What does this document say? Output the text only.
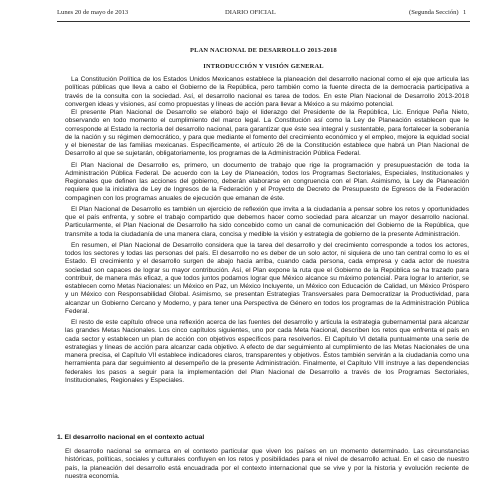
Lunes 20 de mayo de 2013	DIARIO OFICIAL	(Segunda Sección) 1
PLAN NACIONAL DE DESARROLLO 2013-2018
INTRODUCCIÓN Y VISIÓN GENERAL

La Constitución Política de los Estados Unidos Mexicanos establece la planeación del desarrollo nacional como el eje que articula las políticas públicas que lleva a cabo el Gobierno de la República, pero también como la fuente directa de la democracia participativa a través de la consulta con la sociedad. Así, el desarrollo nacional es tarea de todos. En este Plan Nacional de Desarrollo 2013-2018 convergen ideas y visiones, así como propuestas y líneas de acción para llevar a México a su máximo potencial.

El presente Plan Nacional de Desarrollo se elaboró bajo el liderazgo del Presidente de la República, Lic. Enrique Peña Nieto, observando en todo momento el cumplimiento del marco legal. La Constitución así como la Ley de Planeación establecen que le corresponde al Estado la rectoría del desarrollo nacional, para garantizar que éste sea integral y sustentable, para fortalecer la soberanía de la nación y su régimen democrático, y para que mediante el fomento del crecimiento económico y el empleo, mejore la equidad social y el bienestar de las familias mexicanas. Específicamente, el artículo 26 de la Constitución establece que habrá un Plan Nacional de Desarrollo al que se sujetarán, obligatoriamente, los programas de la Administración Pública Federal.

El Plan Nacional de Desarrollo es, primero, un documento de trabajo que rige la programación y presupuestación de toda la Administración Pública Federal. De acuerdo con la Ley de Planeación, todos los Programas Sectoriales, Especiales, Institucionales y Regionales que definen las acciones del gobierno, deberán elaborarse en congruencia con el Plan. Asimismo, la Ley de Planeación requiere que la iniciativa de Ley de Ingresos de la Federación y el Proyecto de Decreto de Presupuesto de Egresos de la Federación compaginen con los programas anuales de ejecución que emanan de éste.

El Plan Nacional de Desarrollo es también un ejercicio de reflexión que invita a la ciudadanía a pensar sobre los retos y oportunidades que el país enfrenta, y sobre el trabajo compartido que debemos hacer como sociedad para alcanzar un mayor desarrollo nacional. Particularmente, el Plan Nacional de Desarrollo ha sido concebido como un canal de comunicación del Gobierno de la República, que transmite a toda la ciudadanía de una manera clara, concisa y medible la visión y estrategia de gobierno de la presente Administración.

En resumen, el Plan Nacional de Desarrollo considera que la tarea del desarrollo y del crecimiento corresponde a todos los actores, todos los sectores y todas las personas del país. El desarrollo no es deber de un solo actor, ni siquiera de uno tan central como lo es el Estado. El crecimiento y el desarrollo surgen de abajo hacia arriba, cuando cada persona, cada empresa y cada actor de nuestra sociedad son capaces de lograr su mayor contribución. Así, el Plan expone la ruta que el Gobierno de la República se ha trazado para contribuir, de manera más eficaz, a que todos juntos podamos lograr que México alcance su máximo potencial. Para lograr lo anterior, se establecen como Metas Nacionales: un México en Paz, un México Incluyente, un México con Educación de Calidad, un México Próspero y un México con Responsabilidad Global. Asimismo, se presentan Estrategias Transversales para Democratizar la Productividad, para alcanzar un Gobierno Cercano y Moderno, y para tener una Perspectiva de Género en todos los programas de la Administración Pública Federal.

El resto de este capítulo ofrece una reflexión acerca de las fuentes del desarrollo y articula la estrategia gubernamental para alcanzar las grandes Metas Nacionales. Los cinco capítulos siguientes, uno por cada Meta Nacional, describen los retos que enfrenta el país en cada sector y establecen un plan de acción con objetivos específicos para resolverlos. El Capítulo VI detalla puntualmente una serie de estrategias y líneas de acción para alcanzar cada objetivo. A efecto de dar seguimiento al cumplimiento de las Metas Nacionales de una manera precisa, el Capítulo VII establece indicadores claros, transparentes y objetivos. Éstos también servirán a la ciudadanía como una herramienta para dar seguimiento al desempeño de la presente Administración. Finalmente, el Capítulo VIII instruye a las dependencias federales los pasos a seguir para la implementación del Plan Nacional de Desarrollo a través de los Programas Sectoriales, Institucionales, Regionales y Especiales.

1. El desarrollo nacional en el contexto actual

El desarrollo nacional se enmarca en el contexto particular que viven los países en un momento determinado. Las circunstancias históricas, políticas, sociales y culturales confluyen en los retos y posibilidades para el nivel de desarrollo actual. En el caso de nuestro país, la planeación del desarrollo está encuadrada por el contexto internacional que se vive y por la historia y evolución reciente de nuestra economía.
